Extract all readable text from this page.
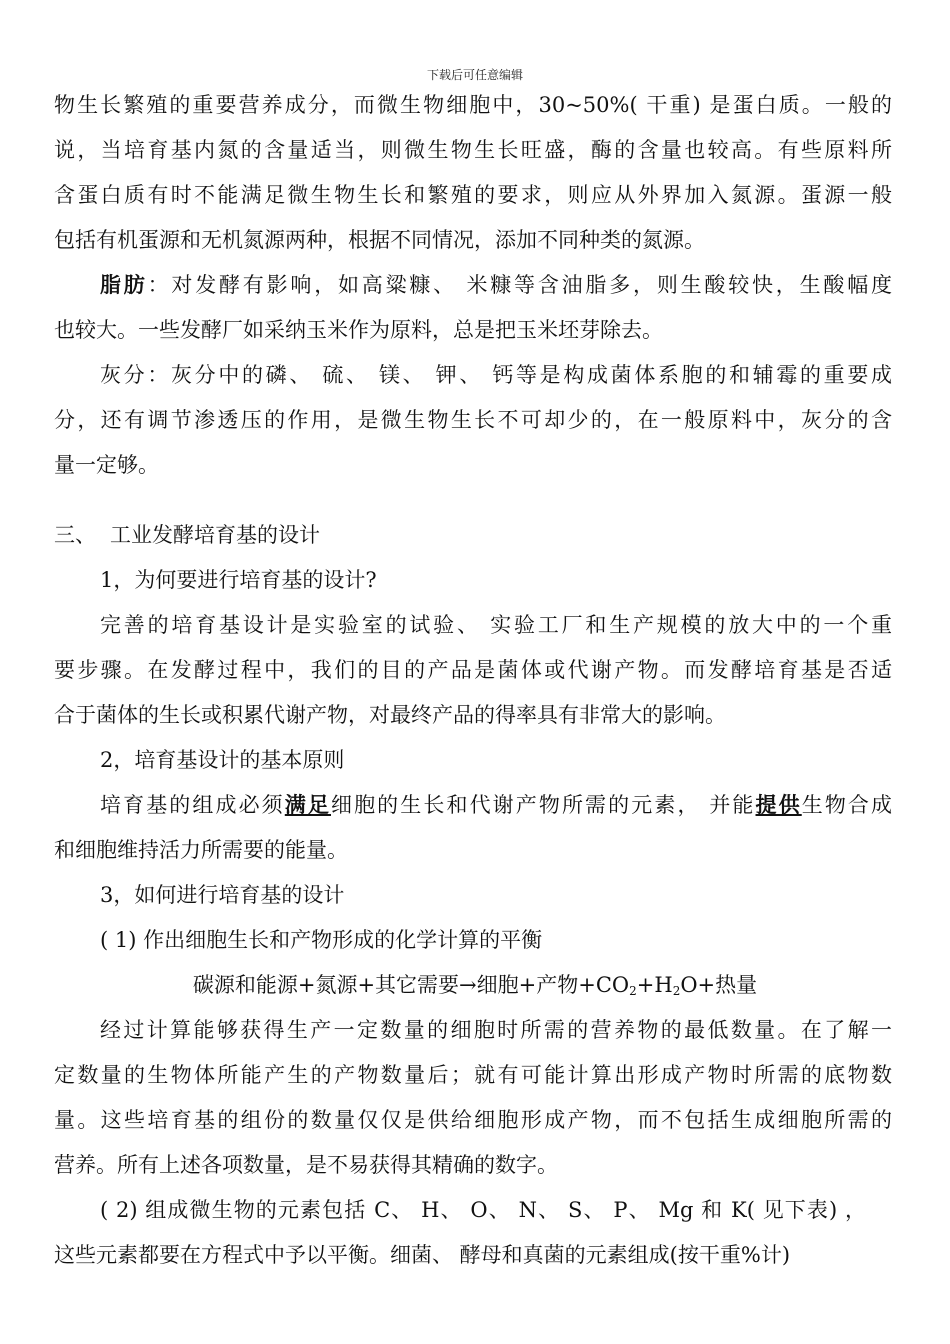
下载后可任意编辑
物生长繁殖的重要营养成分，而微生物细胞中，30~50%( 干重) 是蛋白质。一般的
说，当培育基内氮的含量适当，则微生物生长旺盛，酶的含量也较高。有些原料所
含蛋白质有时不能满足微生物生长和繁殖的要求，则应从外界加入氮源。蛋源一般
包括有机蛋源和无机氮源两种，根据不同情况，添加不同种类的氮源。
脂肪：对发酵有影响，如高粱糠、 米糠等含油脂多，则生酸较快，生酸幅度
也较大。一些发酵厂如采纳玉米作为原料，总是把玉米坯芽除去。
灰分：灰分中的磷、 硫、 镁、 钾、 钙等是构成菌体系胞的和辅霉的重要成
分，还有调节渗透压的作用，是微生物生长不可却少的，在一般原料中，灰分的含
量一定够。
三、 工业发酵培育基的设计
1，为何要进行培育基的设计?
完善的培育基设计是实验室的试验、 实验工厂和生产规模的放大中的一个重
要步骤。在发酵过程中，我们的目的产品是菌体或代谢产物。而发酵培育基是否适
合于菌体的生长或积累代谢产物，对最终产品的得率具有非常大的影响。
2，培育基设计的基本原则
培育基的组成必须满足细胞的生长和代谢产物所需的元素， 并能提供生物合成
和细胞维持活力所需要的能量。
3，如何进行培育基的设计
( 1) 作出细胞生长和产物形成的化学计算的平衡
碳源和能源+氮源+其它需要→细胞+产物$+CO_2+H_2O+$热量
经过计算能够获得生产一定数量的细胞时所需的营养物的最低数量。在了解一
定数量的生物体所能产生的产物数量后；就有可能计算出形成产物时所需的底物数
量。这些培育基的组份的数量仅仅是供给细胞形成产物，而不包括生成细胞所需的
营养。所有上述各项数量，是不易获得其精确的数字。
( 2) 组成微生物的元素包括 C、 H、 O、 N、 S、 P、 Mg 和 K( 见下表) ，
这些元素都要在方程式中予以平衡。细菌、 酵母和真菌的元素组成(按干重%计)
